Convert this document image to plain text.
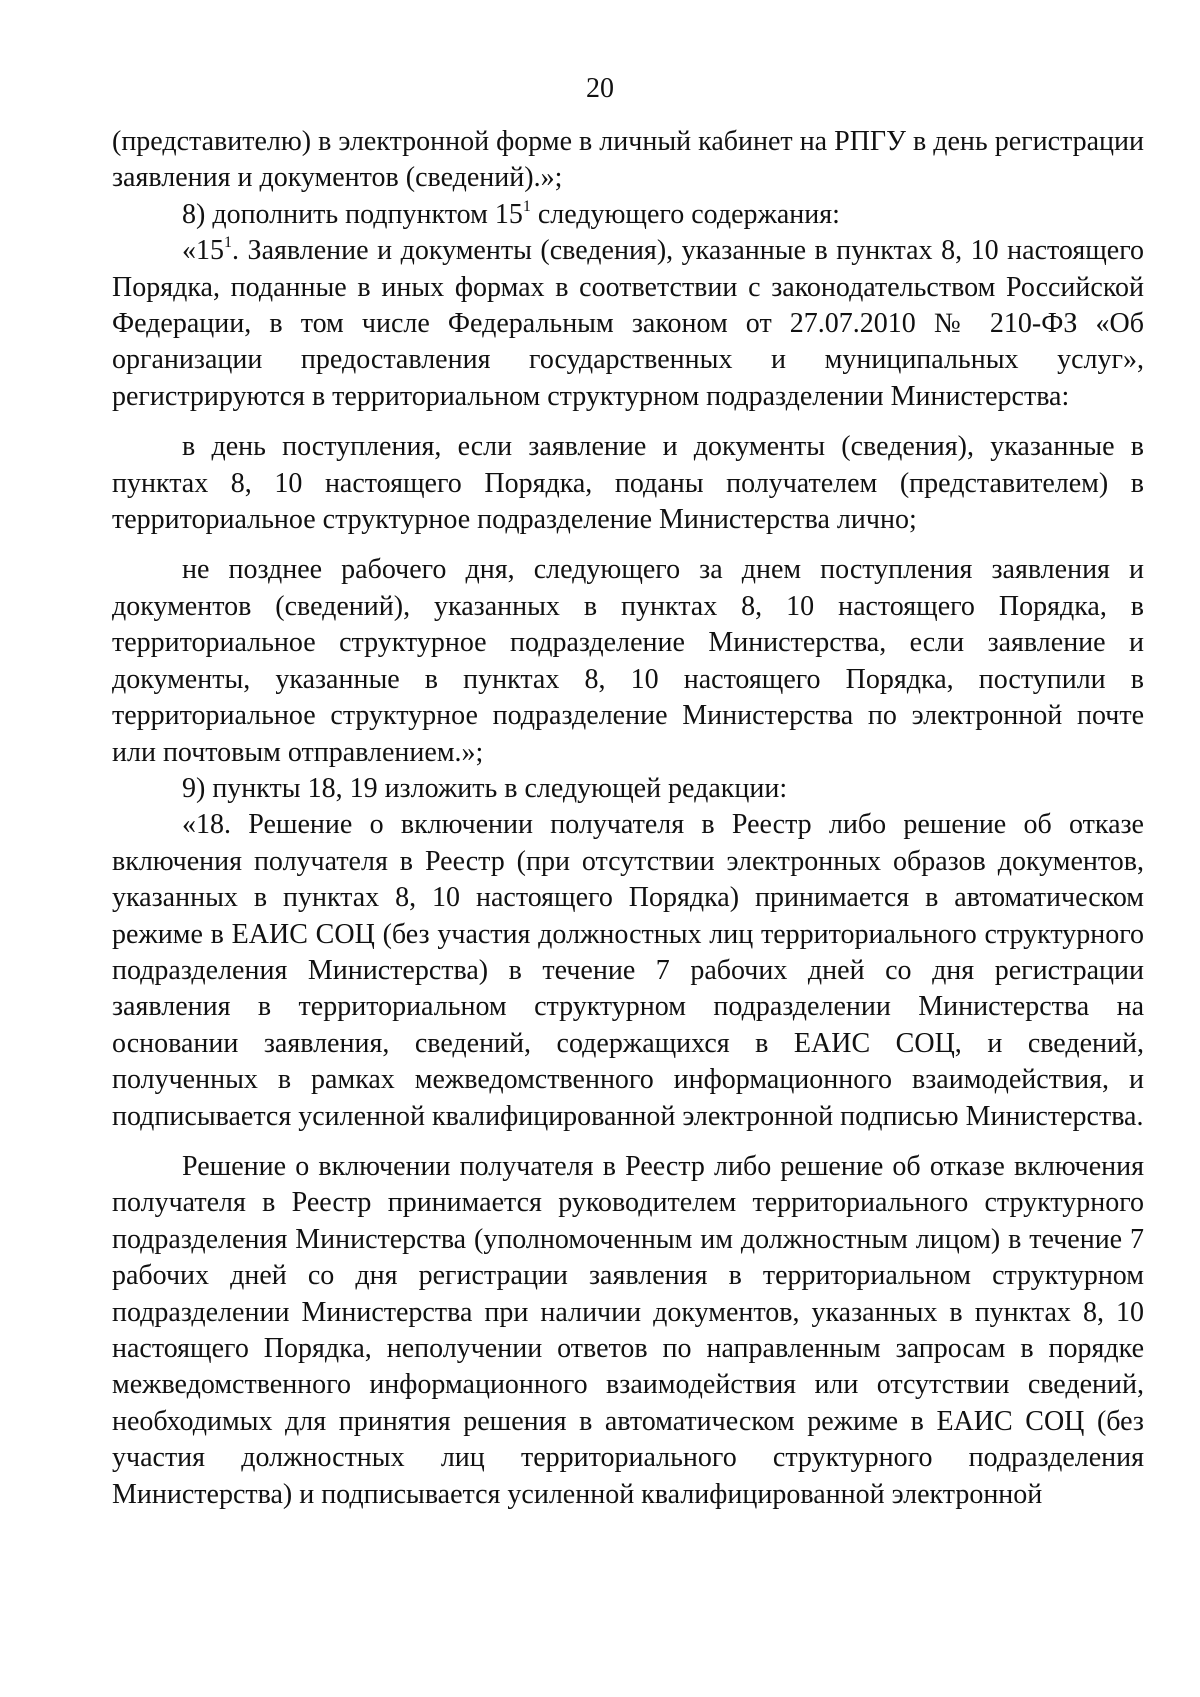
20

(представителю) в электронной форме в личный кабинет на РПГУ в день регистрации заявления и документов (сведений).»;

8) дополнить подпунктом $15^1$ следующего содержания:

«$15^1$. Заявление и документы (сведения), указанные в пунктах 8, 10 настоящего Порядка, поданные в иных формах в соответствии с законодательством Российской Федерации, в том числе Федеральным законом от 27.07.2010 № 210-ФЗ «Об организации предоставления государственных и муниципальных услуг», регистрируются в территориальном структурном подразделении Министерства:

в день поступления, если заявление и документы (сведения), указанные в пунктах 8, 10 настоящего Порядка, поданы получателем (представителем) в территориальное структурное подразделение Министерства лично;

не позднее рабочего дня, следующего за днем поступления заявления и документов (сведений), указанных в пунктах 8, 10 настоящего Порядка, в территориальное структурное подразделение Министерства, если заявление и документы, указанные в пунктах 8, 10 настоящего Порядка, поступили в территориальное структурное подразделение Министерства по электронной почте или почтовым отправлением.»;

9) пункты 18, 19 изложить в следующей редакции:

«18. Решение о включении получателя в Реестр либо решение об отказе включения получателя в Реестр (при отсутствии электронных образов документов, указанных в пунктах 8, 10 настоящего Порядка) принимается в автоматическом режиме в ЕАИС СОЦ (без участия должностных лиц территориального структурного подразделения Министерства) в течение 7 рабочих дней со дня регистрации заявления в территориальном структурном подразделении Министерства на основании заявления, сведений, содержащихся в ЕАИС СОЦ, и сведений, полученных в рамках межведомственного информационного взаимодействия, и подписывается усиленной квалифицированной электронной подписью Министерства.

Решение о включении получателя в Реестр либо решение об отказе включения получателя в Реестр принимается руководителем территориального структурного подразделения Министерства (уполномоченным им должностным лицом) в течение 7 рабочих дней со дня регистрации заявления в территориальном структурном подразделении Министерства при наличии документов, указанных в пунктах 8, 10 настоящего Порядка, неполучении ответов по направленным запросам в порядке межведомственного информационного взаимодействия или отсутствии сведений, необходимых для принятия решения в автоматическом режиме в ЕАИС СОЦ (без участия должностных лиц территориального структурного подразделения Министерства) и подписывается усиленной квалифицированной электронной
